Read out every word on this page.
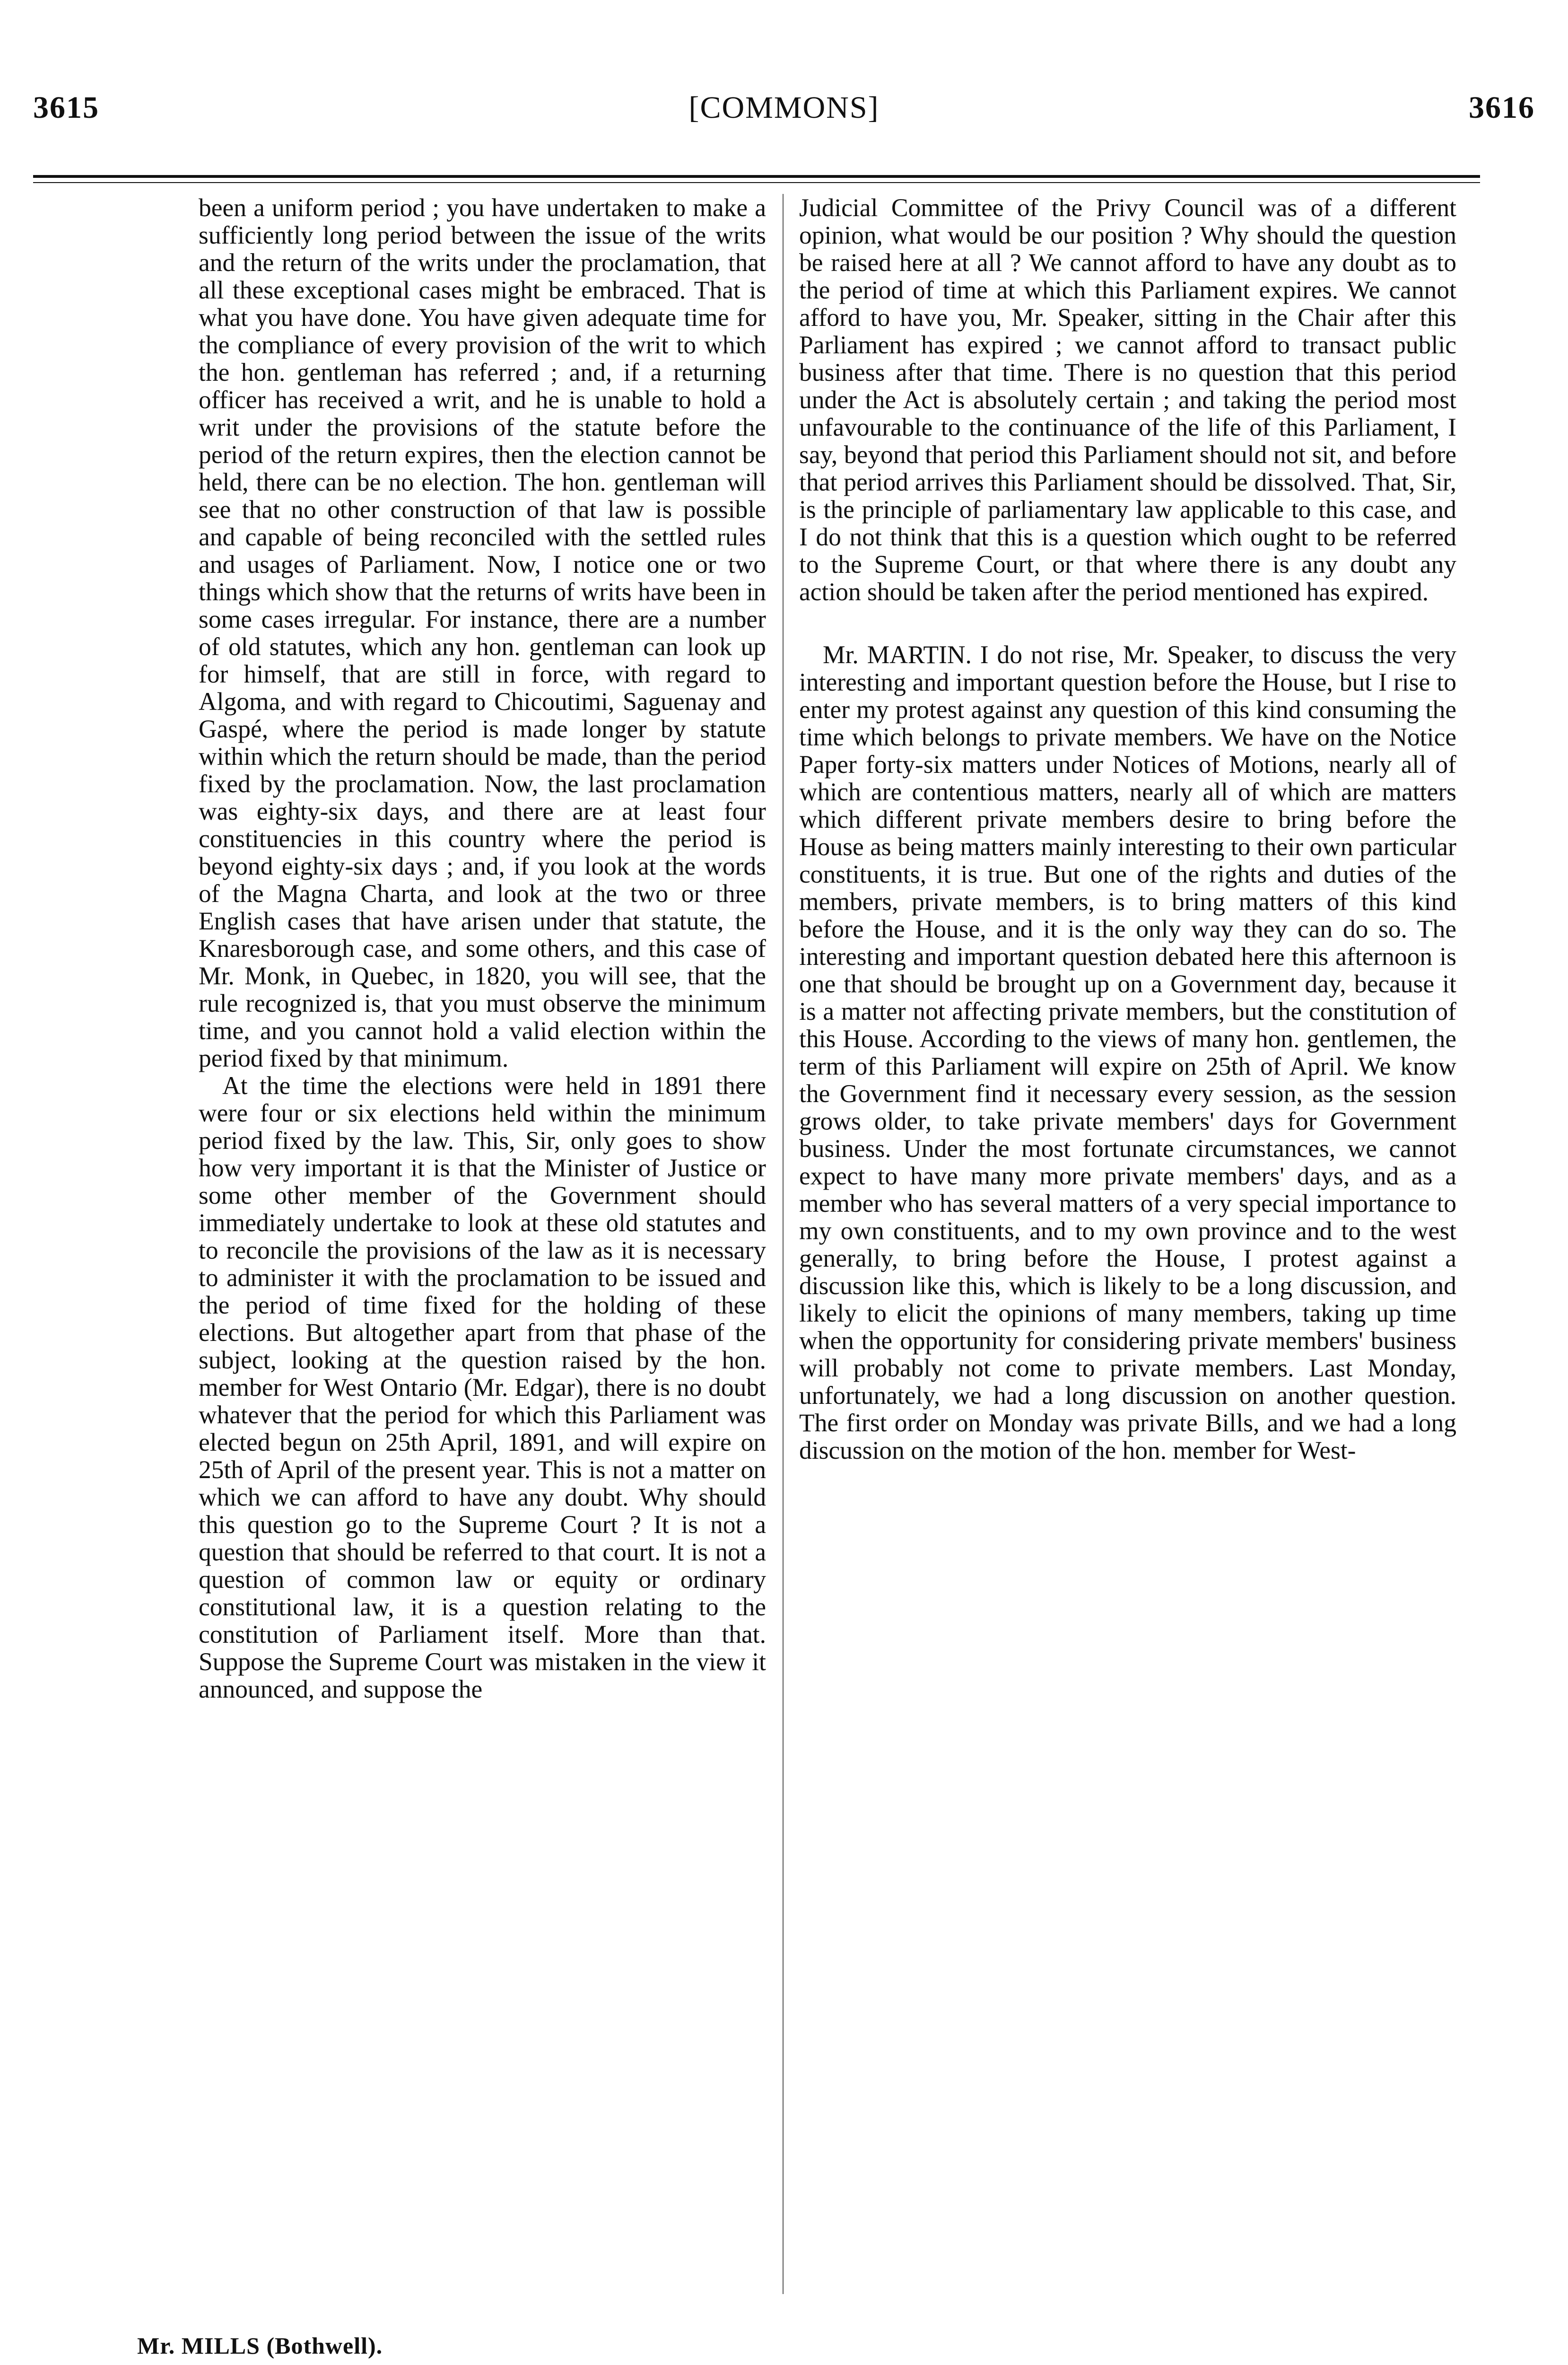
3615	[COMMONS]	3616

been a uniform period ; you have undertaken to make a sufficiently long period between the issue of the writs and the return of the writs under the proclamation, that all these exceptional cases might be embraced. That is what you have done. You have given adequate time for the compliance of every provision of the writ to which the hon. gentleman has referred ; and, if a returning officer has received a writ, and he is unable to hold a writ under the provisions of the statute before the period of the return expires, then the election cannot be held, there can be no election. The hon. gentleman will see that no other construction of that law is possible and capable of being reconciled with the settled rules and usages of Parliament. Now, I notice one or two things which show that the returns of writs have been in some cases irregular. For instance, there are a number of old statutes, which any hon. gentleman can look up for himself, that are still in force, with regard to Algoma, and with regard to Chicoutimi, Saguenay and Gaspé, where the period is made longer by statute within which the return should be made, than the period fixed by the proclamation. Now, the last proclamation was eighty-six days, and there are at least four constituencies in this country where the period is beyond eighty-six days ; and, if you look at the words of the Magna Charta, and look at the two or three English cases that have arisen under that statute, the Knaresborough case, and some others, and this case of Mr. Monk, in Quebec, in 1820, you will see, that the rule recognized is, that you must observe the minimum time, and you cannot hold a valid election within the period fixed by that minimum.

At the time the elections were held in 1891 there were four or six elections held within the minimum period fixed by the law. This, Sir, only goes to show how very important it is that the Minister of Justice or some other member of the Government should immediately undertake to look at these old statutes and to reconcile the provisions of the law as it is necessary to administer it with the proclamation to be issued and the period of time fixed for the holding of these elections. But altogether apart from that phase of the subject, looking at the question raised by the hon. member for West Ontario (Mr. Edgar), there is no doubt whatever that the period for which this Parliament was elected begun on 25th April, 1891, and will expire on 25th of April of the present year. This is not a matter on which we can afford to have any doubt. Why should this question go to the Supreme Court ? It is not a question that should be referred to that court. It is not a question of common law or equity or ordinary constitutional law, it is a question relating to the constitution of Parliament itself. More than that. Suppose the Supreme Court was mistaken in the view it announced, and suppose the

Judicial Committee of the Privy Council was of a different opinion, what would be our position ? Why should the question be raised here at all ? We cannot afford to have any doubt as to the period of time at which this Parliament expires. We cannot afford to have you, Mr. Speaker, sitting in the Chair after this Parliament has expired ; we cannot afford to transact public business after that time. There is no question that this period under the Act is absolutely certain ; and taking the period most unfavourable to the continuance of the life of this Parliament, I say, beyond that period this Parliament should not sit, and before that period arrives this Parliament should be dissolved. That, Sir, is the principle of parliamentary law applicable to this case, and I do not think that this is a question which ought to be referred to the Supreme Court, or that where there is any doubt any action should be taken after the period mentioned has expired.

Mr. MARTIN. I do not rise, Mr. Speaker, to discuss the very interesting and important question before the House, but I rise to enter my protest against any question of this kind consuming the time which belongs to private members. We have on the Notice Paper forty-six matters under Notices of Motions, nearly all of which are contentious matters, nearly all of which are matters which different private members desire to bring before the House as being matters mainly interesting to their own particular constituents, it is true. But one of the rights and duties of the members, private members, is to bring matters of this kind before the House, and it is the only way they can do so. The interesting and important question debated here this afternoon is one that should be brought up on a Government day, because it is a matter not affecting private members, but the constitution of this House. According to the views of many hon. gentlemen, the term of this Parliament will expire on 25th of April. We know the Government find it necessary every session, as the session grows older, to take private members' days for Government business. Under the most fortunate circumstances, we cannot expect to have many more private members' days, and as a member who has several matters of a very special importance to my own constituents, and to my own province and to the west generally, to bring before the House, I protest against a discussion like this, which is likely to be a long discussion, and likely to elicit the opinions of many members, taking up time when the opportunity for considering private members' business will probably not come to private members. Last Monday, unfortunately, we had a long discussion on another question. The first order on Monday was private Bills, and we had a long discussion on the motion of the hon. member for West-

Mr. MILLS (Bothwell).
